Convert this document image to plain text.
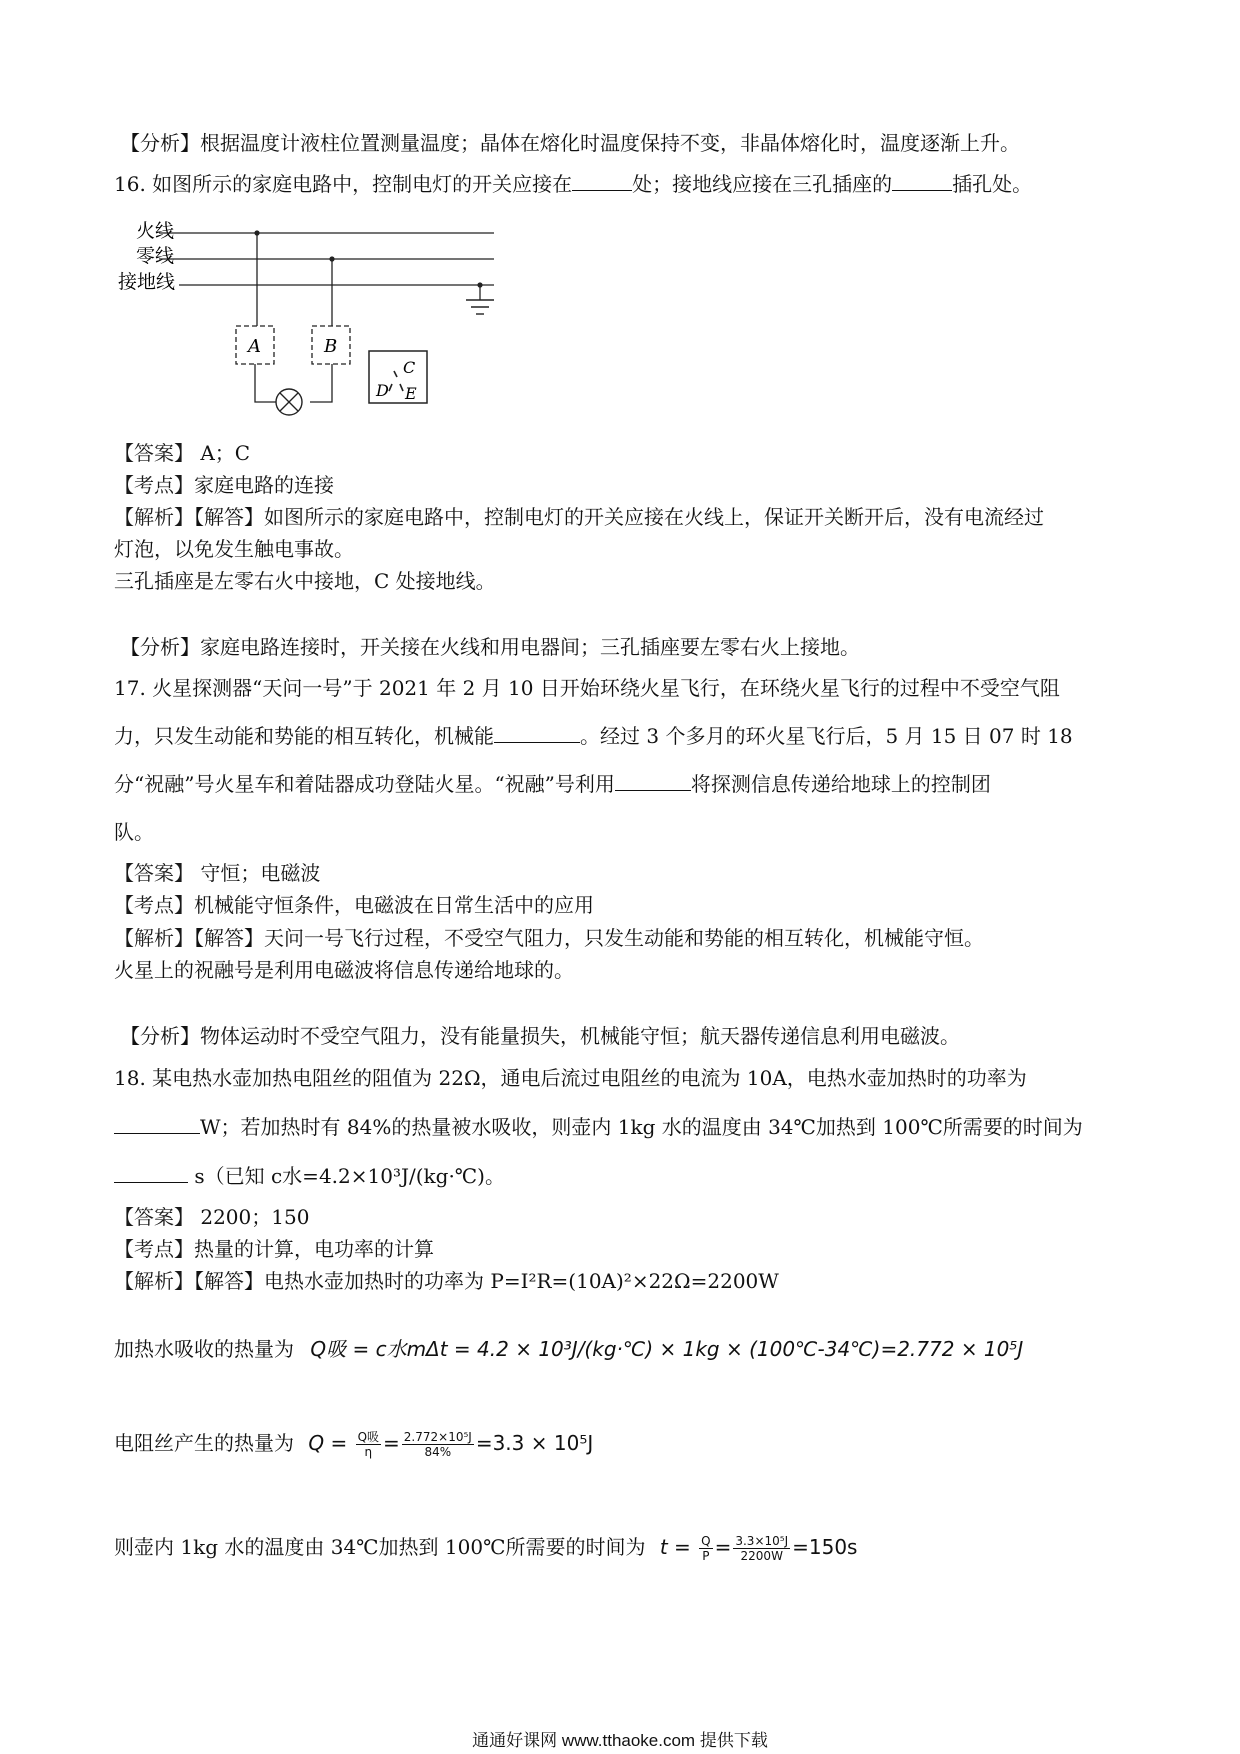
【分析】根据温度计液柱位置测量温度；晶体在熔化时温度保持不变，非晶体熔化时，温度逐渐上升。
16. 如图所示的家庭电路中，控制电灯的开关应接在	处；接地线应接在三孔插座的	插孔处。
火线
零线
接地线
A	B
C
D E
【答案】 A；C
【考点】家庭电路的连接
【解析】【解答】如图所示的家庭电路中，控制电灯的开关应接在火线上，保证开关断开后，没有电流经过
灯泡，以免发生触电事故。
三孔插座是左零右火中接地，C 处接地线。
【分析】家庭电路连接时，开关接在火线和用电器间；三孔插座要左零右火上接地。
17. 火星探测器“天问一号”于 2021 年 2 月 10 日开始环绕火星飞行，在环绕火星飞行的过程中不受空气阻
力，只发生动能和势能的相互转化，机械能	。经过 3 个多月的环火星飞行后，5 月 15 日 07 时 18
分“祝融”号火星车和着陆器成功登陆火星。“祝融”号利用	将探测信息传递给地球上的控制团
队。
【答案】 守恒；电磁波
【考点】机械能守恒条件，电磁波在日常生活中的应用
【解析】【解答】天问一号飞行过程，不受空气阻力，只发生动能和势能的相互转化，机械能守恒。
火星上的祝融号是利用电磁波将信息传递给地球的。
【分析】物体运动时不受空气阻力，没有能量损失，机械能守恒；航天器传递信息利用电磁波。
18. 某电热水壶加热电阻丝的阻值为 22Ω，通电后流过电阻丝的电流为 10A，电热水壶加热时的功率为
W；若加热时有 84%的热量被水吸收，则壶内 1kg 水的温度由 34℃加热到 100℃所需要的时间为
s（已知 c水=4.2×10³J/(kg·℃)。
【答案】 2200；150
【考点】热量的计算，电功率的计算
【解析】【解答】电热水壶加热时的功率为 P=I²R=(10A)²×22Ω=2200W
加热水吸收的热量为 Q吸 = c水mΔt = 4.2 × 10³J/(kg·℃) × 1kg × (100℃-34℃)=2.772 × 10⁵J
电阻丝产生的热量为 $Q = \frac{\text{Q吸}}{\eta} = \frac{\text{2.772×10⁵J}}{84\%} =3.3 \times 10^5J$
则壶内 1kg 水的温度由 34℃加热到 100℃所需要的时间为 $t = \frac{Q}{P} = \frac{\text{3.3×10⁵J}}{2200W} =150s$
通通好课网 www.tthaoke.com 提供下载
